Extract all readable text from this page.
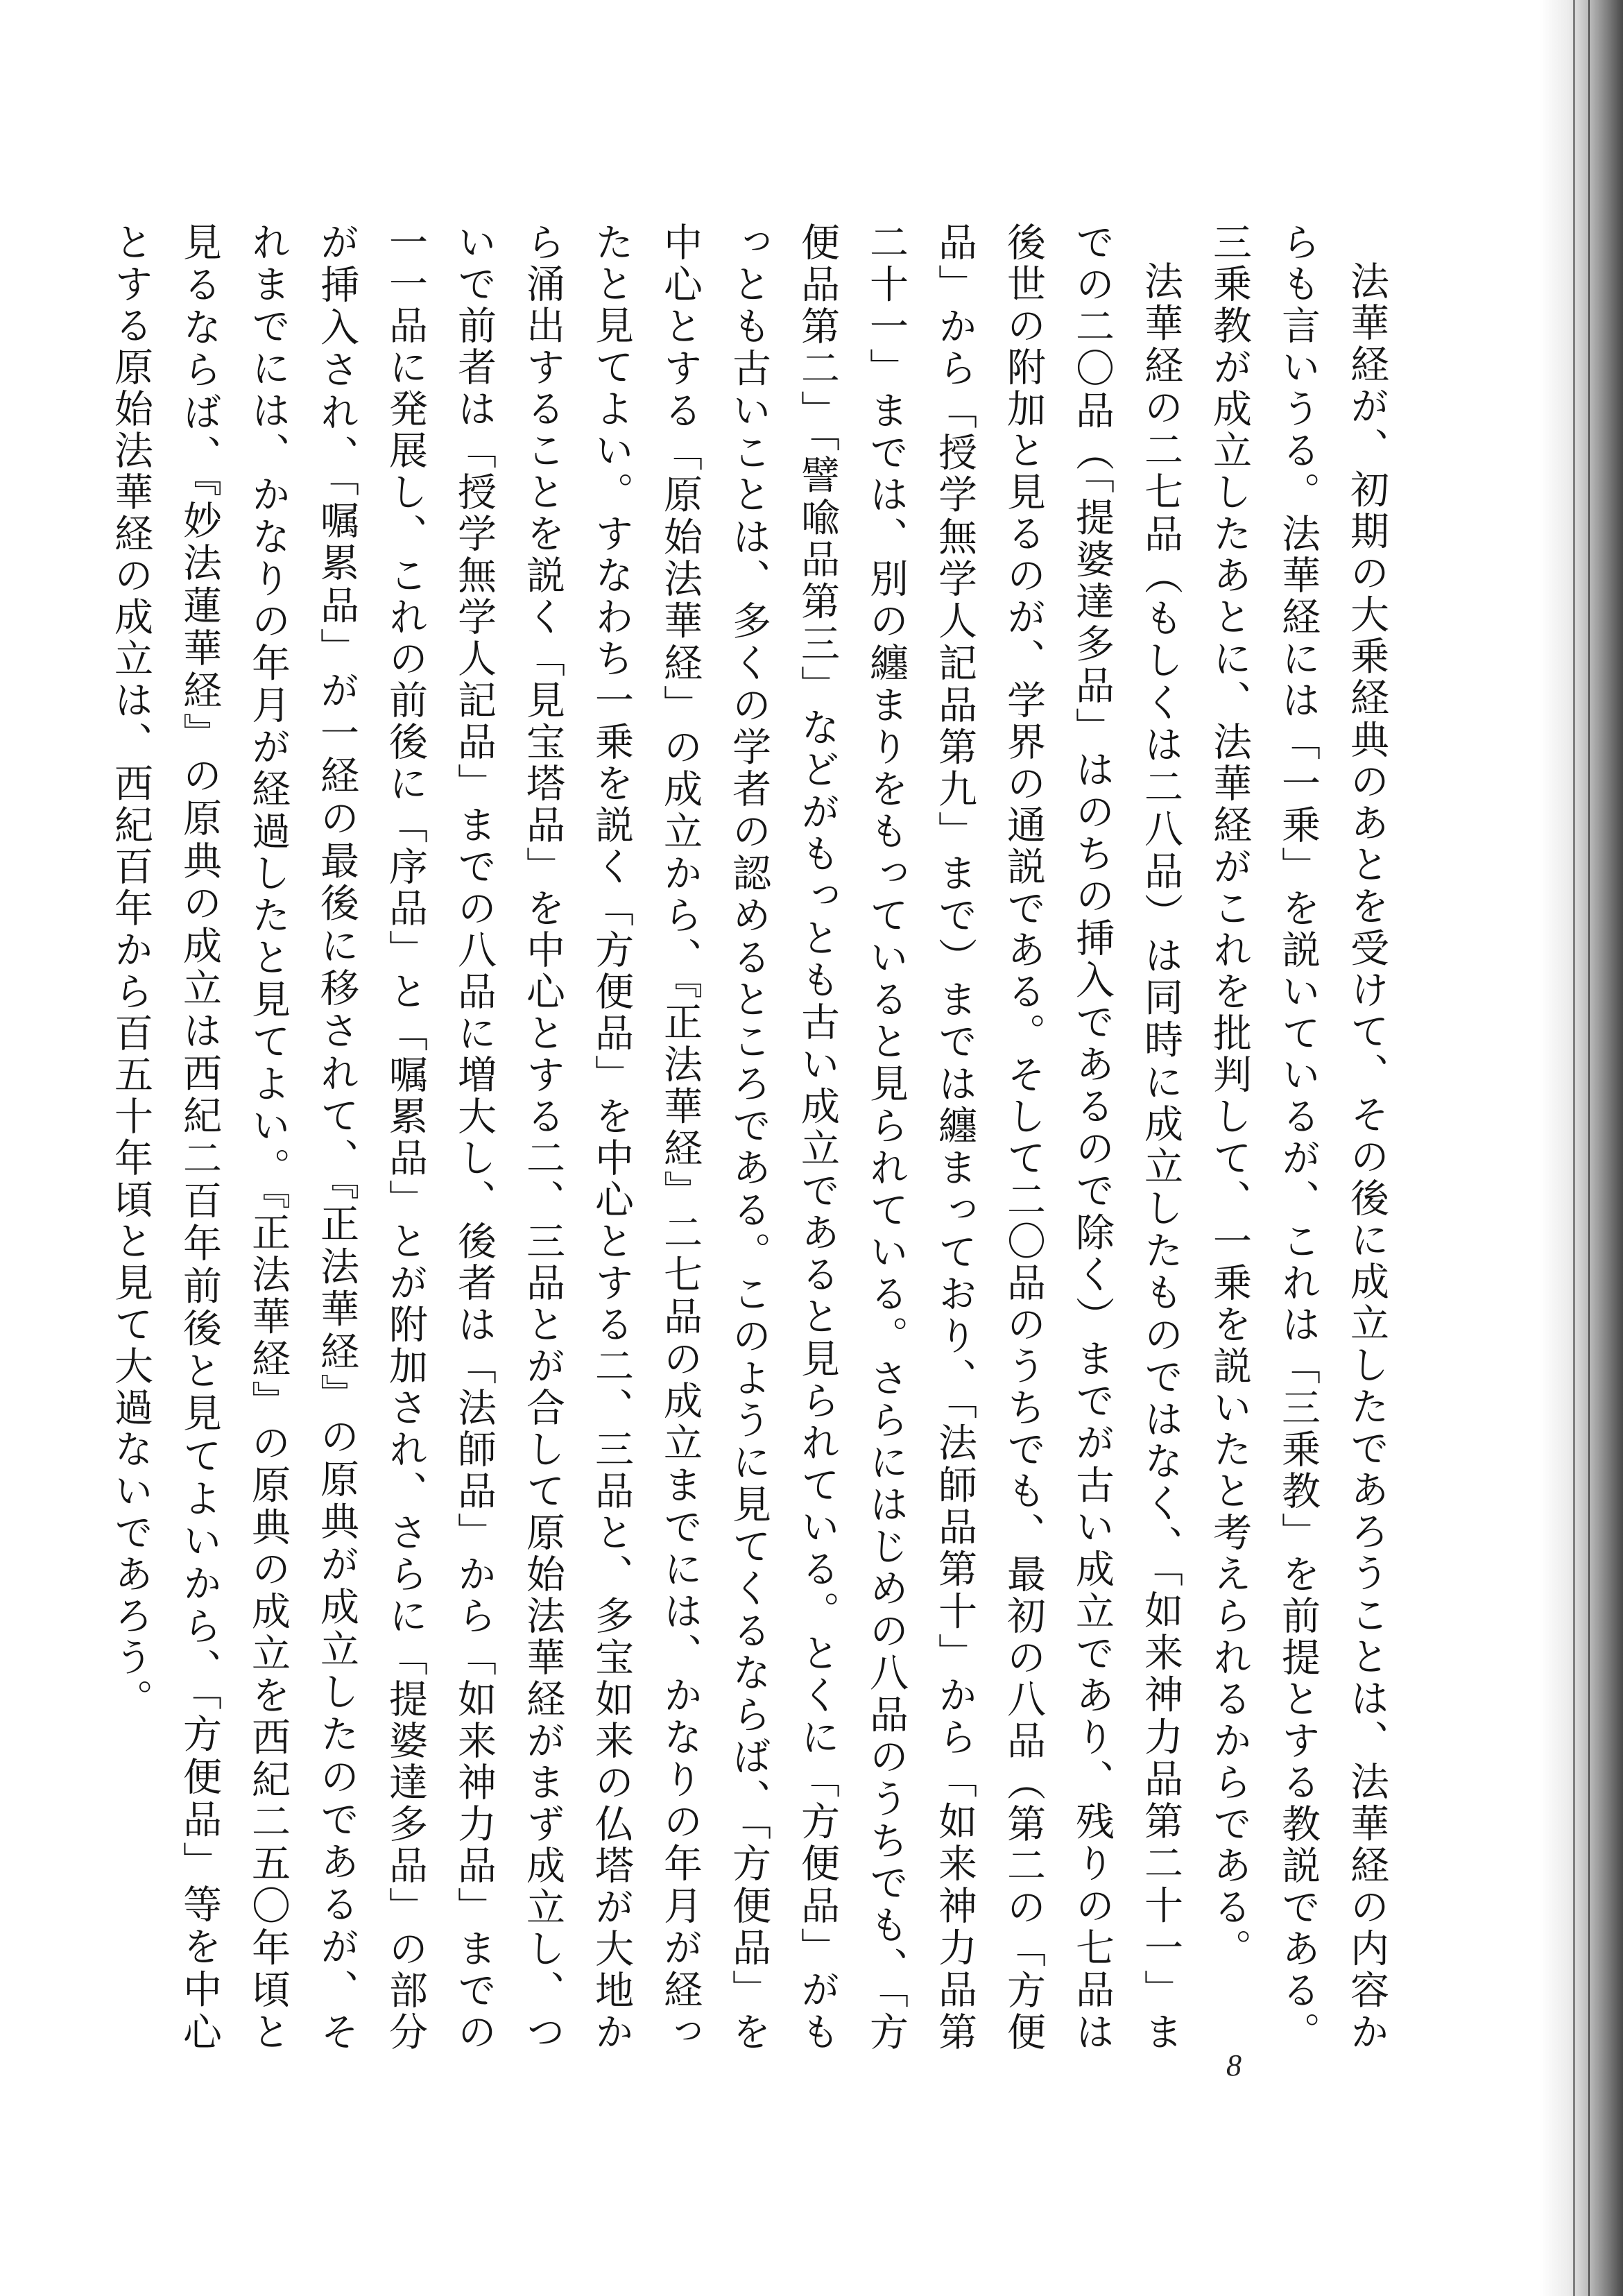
法華経が、初期の大乗経典のあとを受けて、その後に成立したであろうことは、法華経の内容からも言いうる。法華経には「一乗」を説いているが、これは「三乗教」を前提とする教説である。三乗教が成立したあとに、法華経がこれを批判して、一乗を説いたと考えられるからである。

法華経の二七品（もしくは二八品）は同時に成立したものではなく、「如来神力品第二十一」までの二〇品（「提婆達多品」はのちの挿入であるので除く）までが古い成立であり、残りの七品は後世の附加と見るのが、学界の通説である。そして二〇品のうちでも、最初の八品（第二の「方便品」から「授学無学人記品第九」まで）までは纏まっており、「法師品第十」から「如来神力品第二十一」までは、別の纏まりをもっていると見られている。さらにはじめの八品のうちでも、「方便品第二」「譬喩品第三」などがもっとも古い成立であると見られている。とくに「方便品」がもっとも古いことは、多くの学者の認めるところである。このように見てくるならば、「方便品」を中心とする「原始法華経」の成立から、『正法華経』二七品の成立までには、かなりの年月が経ったと見てよい。すなわち一乗を説く「方便品」を中心とする二、三品と、多宝如来の仏塔が大地から涌出することを説く「見宝塔品」を中心とする二、三品とが合して原始法華経がまず成立し、ついで前者は「授学無学人記品」までの八品に増大し、後者は「法師品」から「如来神力品」までの一一品に発展し、これの前後に「序品」と「嘱累品」とが附加され、さらに「提婆達多品」の部分が挿入され、「嘱累品」が一経の最後に移されて、『正法華経』の原典が成立したのであるが、それまでには、かなりの年月が経過したと見てよい。『正法華経』の原典の成立を西紀二五〇年頃と見るならば、『妙法蓮華経』の原典の成立は西紀二百年前後と見てよいから、「方便品」等を中心とする原始法華経の成立は、西紀百年から百五十年頃と見て大過ないであろう。

8
